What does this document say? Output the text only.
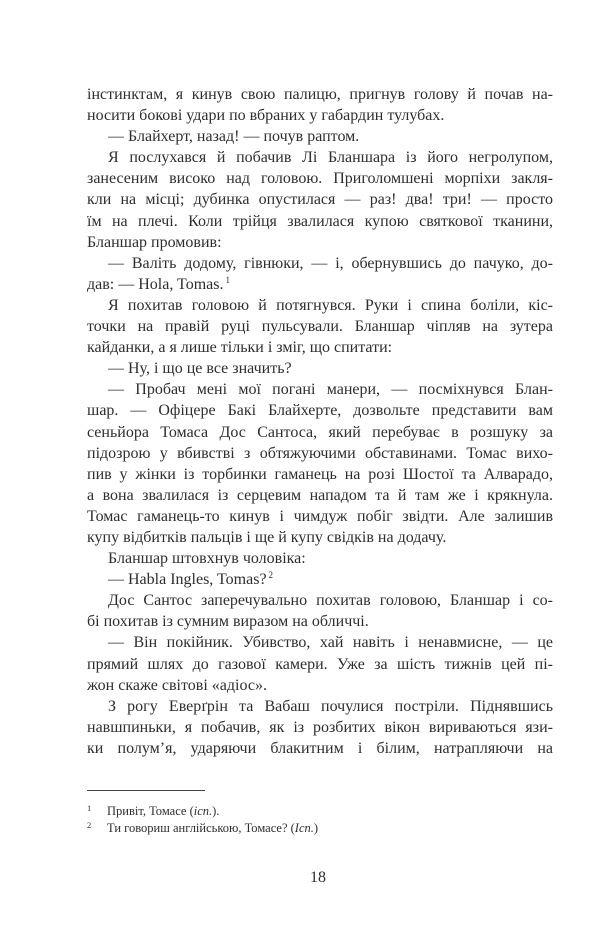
інстинктам, я кинув свою палицю, пригнув голову й почав на-
носити бокові удари по вбраних у габардин тулубах.
— Блайхерт, назад! — почув раптом.
Я послухався й побачив Лі Бланшара із його негролупом,
занесеним високо над головою. Приголомшені морпіхи закля-
кли на місці; дубинка опустилася — раз! два! три! — просто
їм на плечі. Коли трійця звалилася купою святкової тканини,
Бланшар промовив:
— Валіть додому, гівнюки, — і, обернувшись до пачуко, до-
дав: — Hola, Tomas. $^1$
Я похитав головою й потягнувся. Руки і спина боліли, кіс-
точки на правій руці пульсували. Бланшар чіпляв на зутера
кайданки, а я лише тільки і зміг, що спитати:
— Ну, і що це все значить?
— Пробач мені мої погані манери, — посміхнувся Блан-
шар. — Офіцере Бакі Блайхерте, дозвольте представити вам
сеньйора Томаса Дос Сантоса, який перебуває в розшуку за
підозрою у вбивстві з обтяжуючими обставинами. Томас вихо-
пив у жінки із торбинки гаманець на розі Шостої та Алварадо,
а вона звалилася із серцевим нападом та й там же і крякнула.
Томас гаманець-то кинув і чимдуж побіг звідти. Але залишив
купу відбитків пальців і ще й купу свідків на додачу.
Бланшар штовхнув чоловіка:
— Habla Ingles, Tomas? $^2$
Дос Сантос заперечувально похитав головою, Бланшар і со-
бі похитав із сумним виразом на обличчі.
— Він покійник. Убивство, хай навіть і ненавмисне, — це
прямий шлях до газової камери. Уже за шість тижнів цей пі-
жон скаже світові «адіос».
З рогу Еверґрін та Вабаш почулися постріли. Піднявшись
навшпиньки, я побачив, як із розбитих вікон вириваються язи-
ки полум’я, ударяючи блакитним і білим, натрапляючи на
1 Привіт, Томасе (ісп.).
2 Ти говориш англійською, Томасе? (Ісп.)
18
